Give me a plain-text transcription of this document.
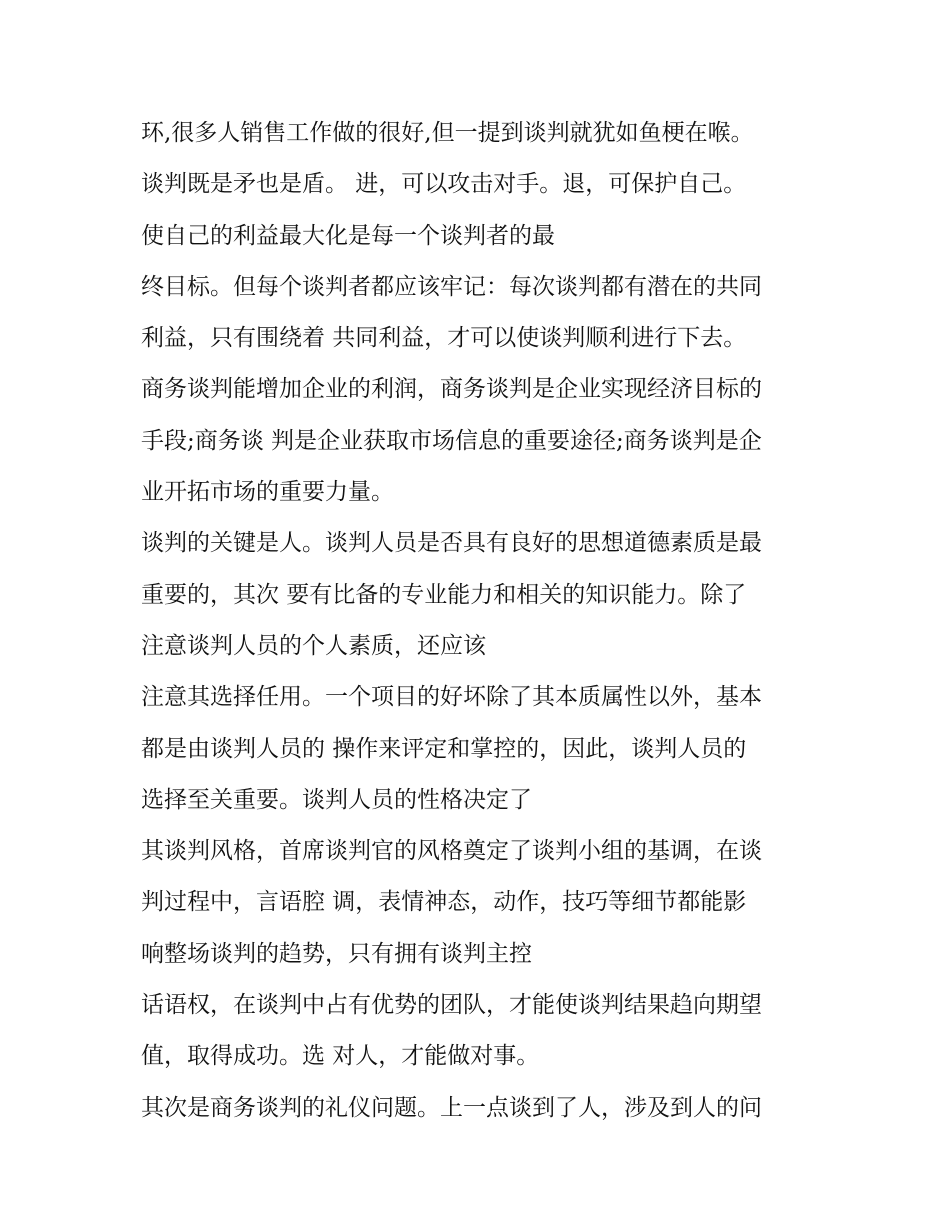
环,很多人销售工作做的很好,但一提到谈判就犹如鱼梗在喉。
谈判既是矛也是盾。 进，可以攻击对手。退，可保护自己。
使自己的利益最大化是每一个谈判者的最
终目标。但每个谈判者都应该牢记：每次谈判都有潜在的共同
利益，只有围绕着 共同利益，才可以使谈判顺利进行下去。
商务谈判能增加企业的利润，商务谈判是企业实现经济目标的
手段;商务谈 判是企业获取市场信息的重要途径;商务谈判是企
业开拓市场的重要力量。
谈判的关键是人。谈判人员是否具有良好的思想道德素质是最
重要的，其次 要有比备的专业能力和相关的知识能力。除了
注意谈判人员的个人素质，还应该
注意其选择任用。一个项目的好坏除了其本质属性以外，基本
都是由谈判人员的 操作来评定和掌控的，因此，谈判人员的
选择至关重要。谈判人员的性格决定了
其谈判风格，首席谈判官的风格奠定了谈判小组的基调，在谈
判过程中，言语腔 调，表情神态，动作，技巧等细节都能影
响整场谈判的趋势，只有拥有谈判主控
话语权，在谈判中占有优势的团队，才能使谈判结果趋向期望
值，取得成功。选 对人，才能做对事。
其次是商务谈判的礼仪问题。上一点谈到了人，涉及到人的问
